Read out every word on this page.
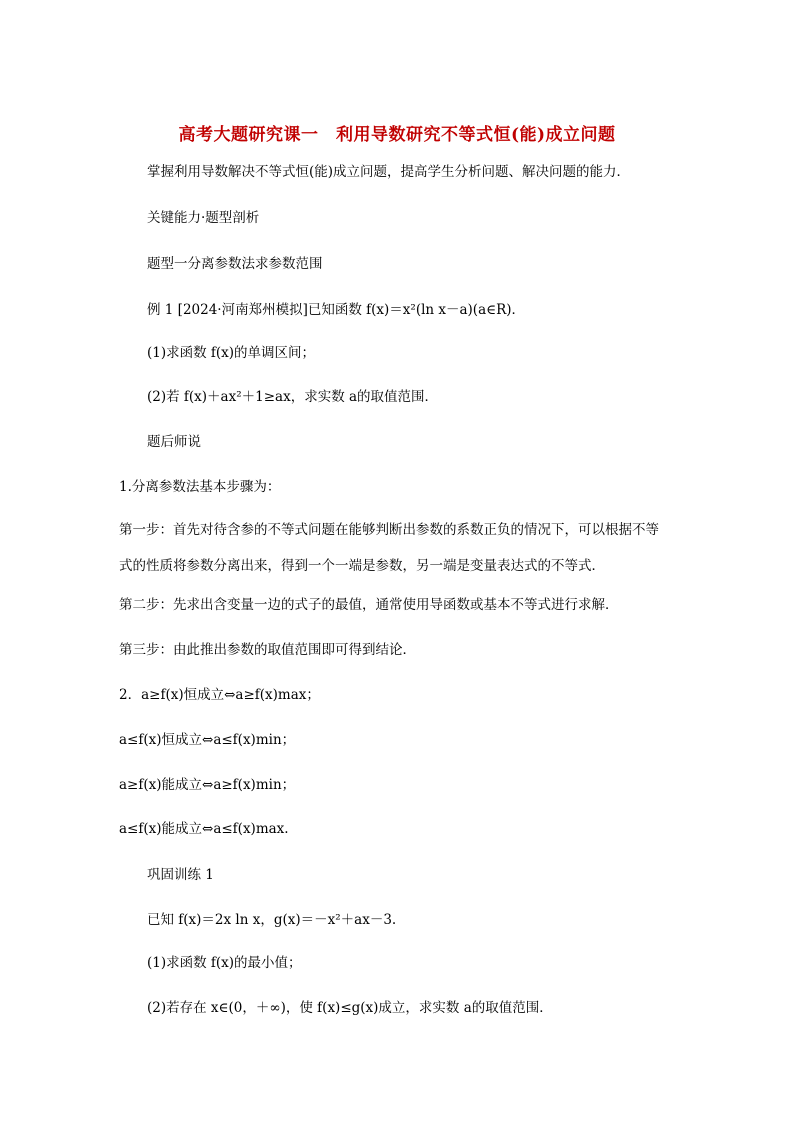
高考大题研究课一　利用导数研究不等式恒(能)成立问题
掌握利用导数解决不等式恒(能)成立问题，提高学生分析问题、解决问题的能力．
关键能力·题型剖析
题型一分离参数法求参数范围
例 1 [2024·河南郑州模拟]已知函数 f(x)＝x²(ln x－a)(a∈R)．
(1)求函数 f(x)的单调区间；
(2)若 f(x)＋ax²＋1≥ax，求实数 a的取值范围．
题后师说
1.分离参数法基本步骤为：
第一步：首先对待含参的不等式问题在能够判断出参数的系数正负的情况下，可以根据不等
式的性质将参数分离出来，得到一个一端是参数，另一端是变量表达式的不等式．
第二步：先求出含变量一边的式子的最值，通常使用导函数或基本不等式进行求解．
第三步：由此推出参数的取值范围即可得到结论．
2．a≥f(x)恒成立⇔a≥f(x)max；
a≤f(x)恒成立⇔a≤f(x)min；
a≥f(x)能成立⇔a≥f(x)min；
a≤f(x)能成立⇔a≤f(x)max.
巩固训练 1
已知 f(x)＝2x ln x，g(x)＝－x²＋ax－3.
(1)求函数 f(x)的最小值；
(2)若存在 x∈(0，＋∞)，使 f(x)≤g(x)成立，求实数 a的取值范围．
